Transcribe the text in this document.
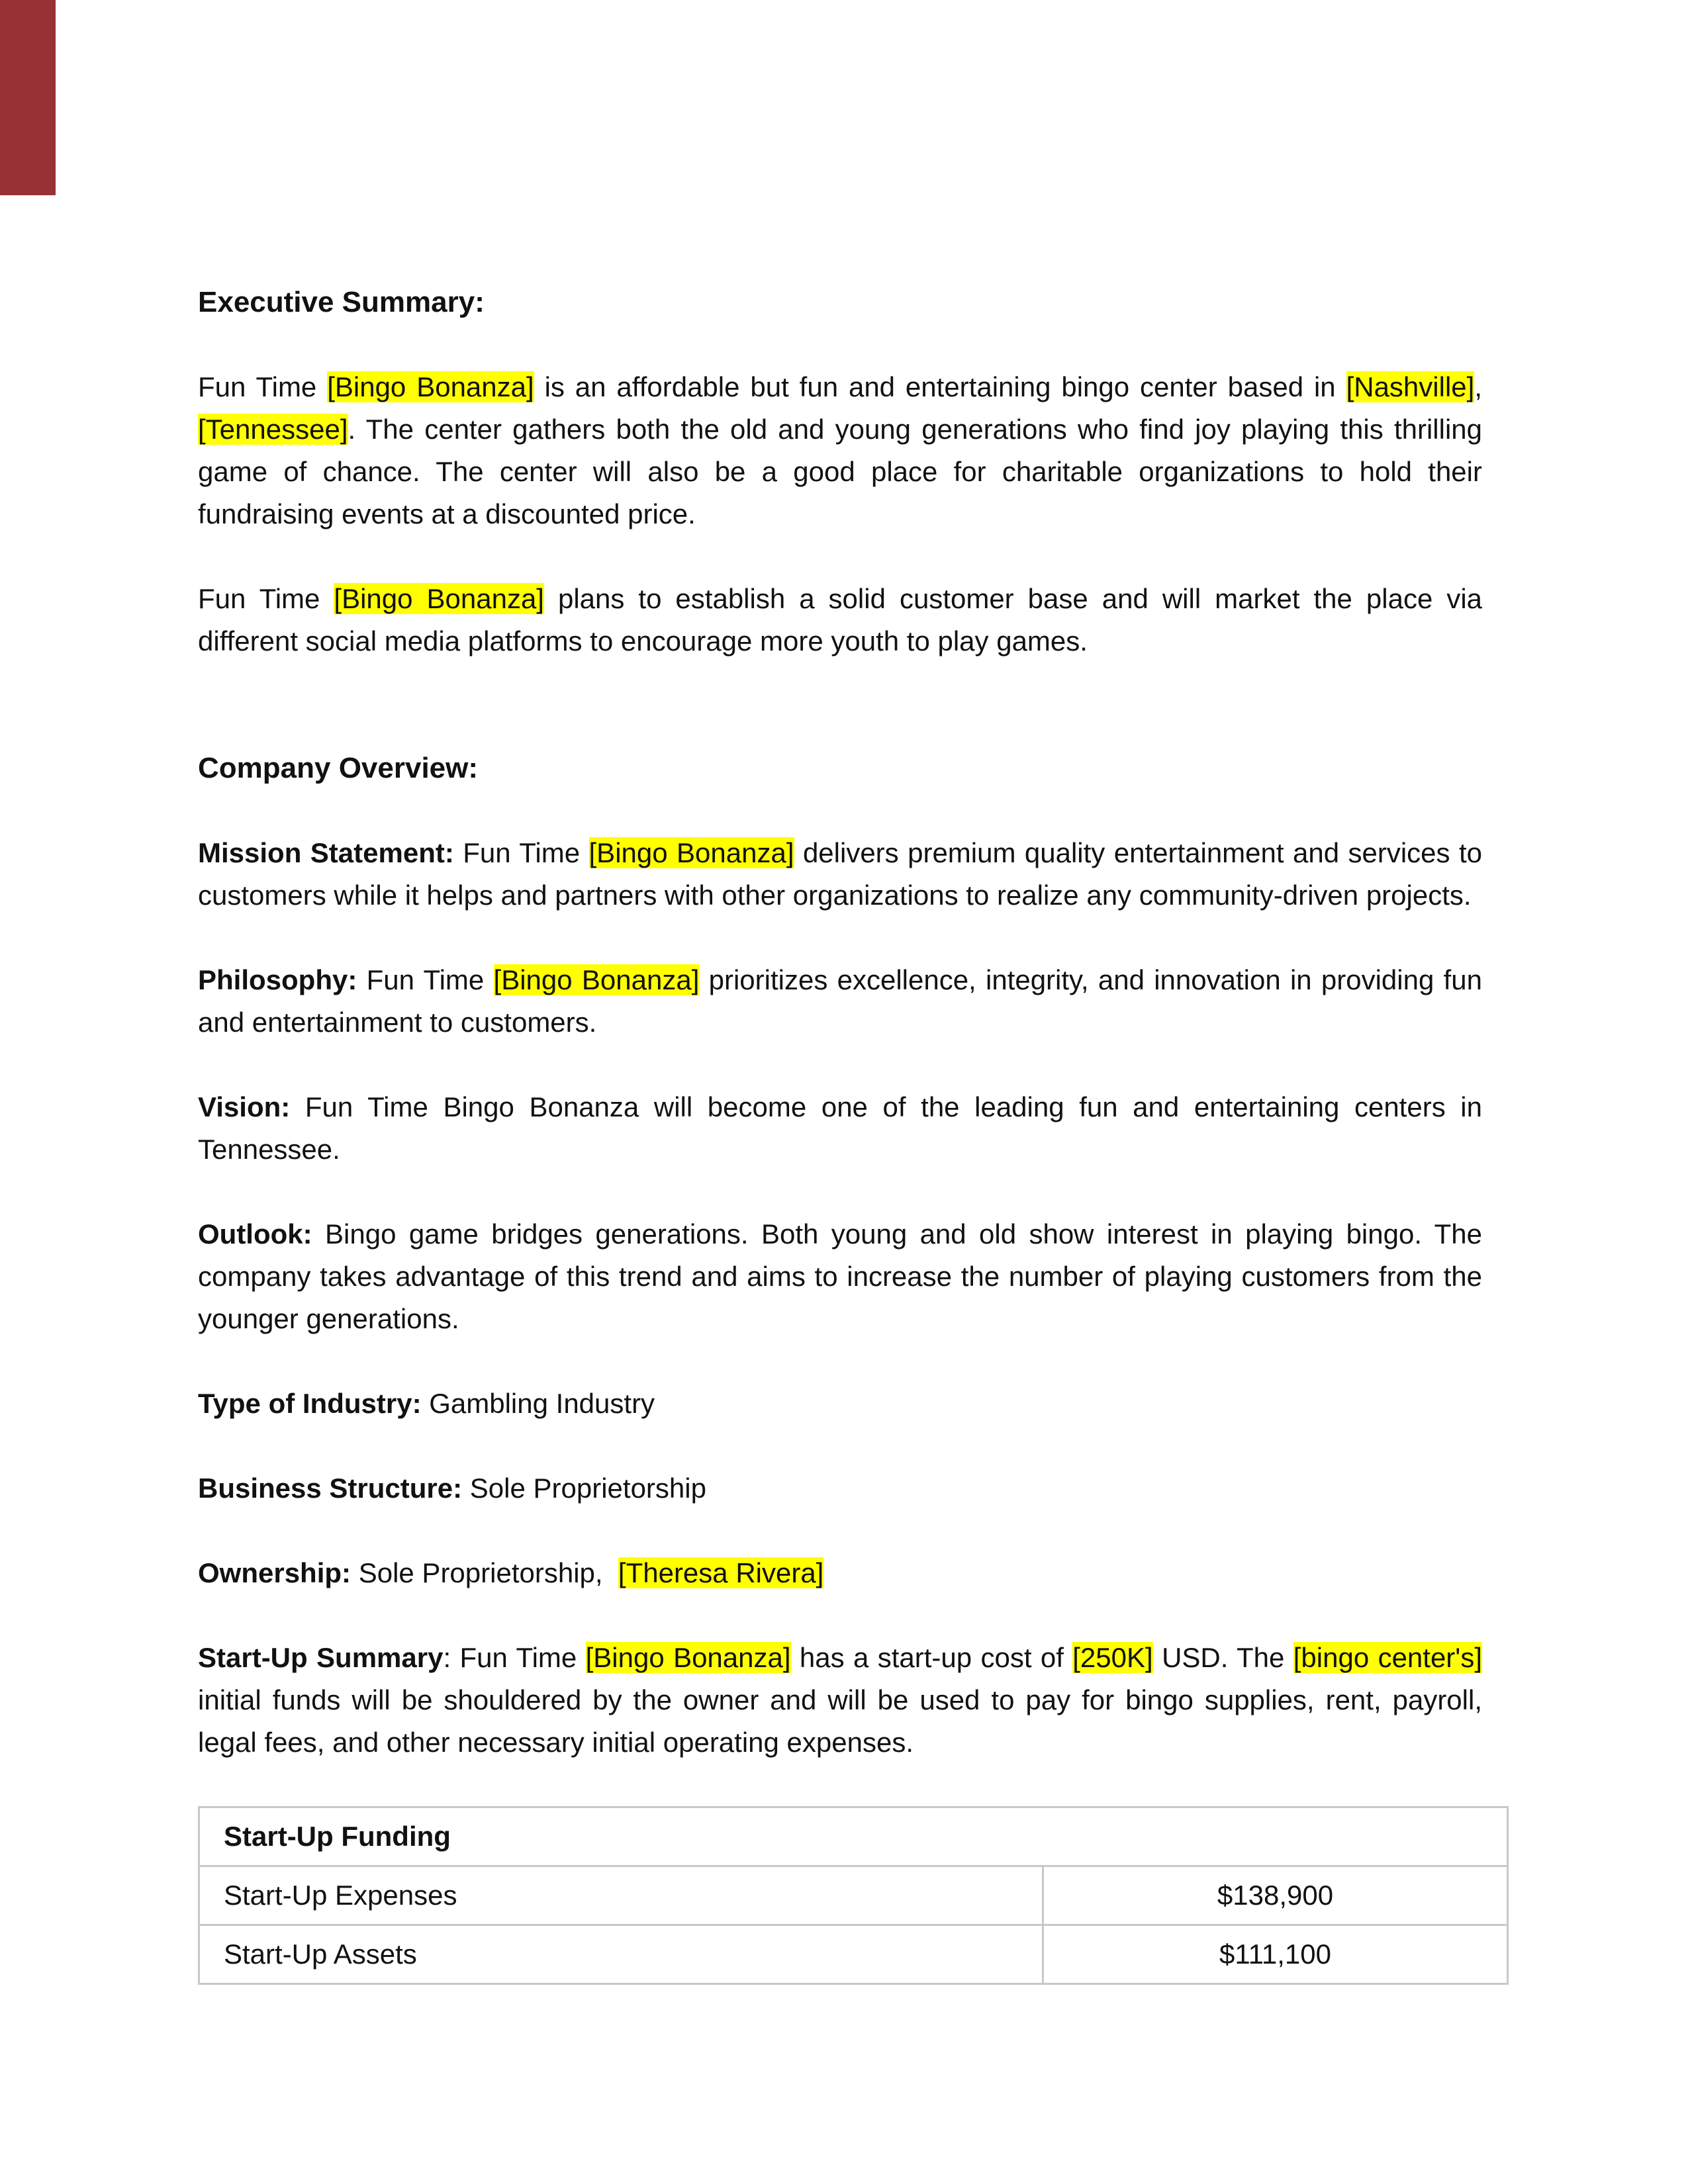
Executive Summary:

Fun Time [Bingo Bonanza] is an affordable but fun and entertaining bingo center based in [Nashville], [Tennessee]. The center gathers both the old and young generations who find joy playing this thrilling game of chance. The center will also be a good place for charitable organizations to hold their fundraising events at a discounted price.

Fun Time [Bingo Bonanza] plans to establish a solid customer base and will market the place via different social media platforms to encourage more youth to play games.

Company Overview:

Mission Statement: Fun Time [Bingo Bonanza] delivers premium quality entertainment and services to customers while it helps and partners with other organizations to realize any community-driven projects.

Philosophy: Fun Time [Bingo Bonanza] prioritizes excellence, integrity, and innovation in providing fun and entertainment to customers.

Vision: Fun Time Bingo Bonanza will become one of the leading fun and entertaining centers in Tennessee.

Outlook: Bingo game bridges generations. Both young and old show interest in playing bingo. The company takes advantage of this trend and aims to increase the number of playing customers from the younger generations.

Type of Industry: Gambling Industry

Business Structure: Sole Proprietorship

Ownership: Sole Proprietorship,  [Theresa Rivera]

Start-Up Summary: Fun Time [Bingo Bonanza] has a start-up cost of [250K] USD. The [bingo center's] initial funds will be shouldered by the owner and will be used to pay for bingo supplies, rent, payroll, legal fees, and other necessary initial operating expenses.

Start-Up Funding	
Start-Up Expenses	$138,900
Start-Up Assets	$111,100
